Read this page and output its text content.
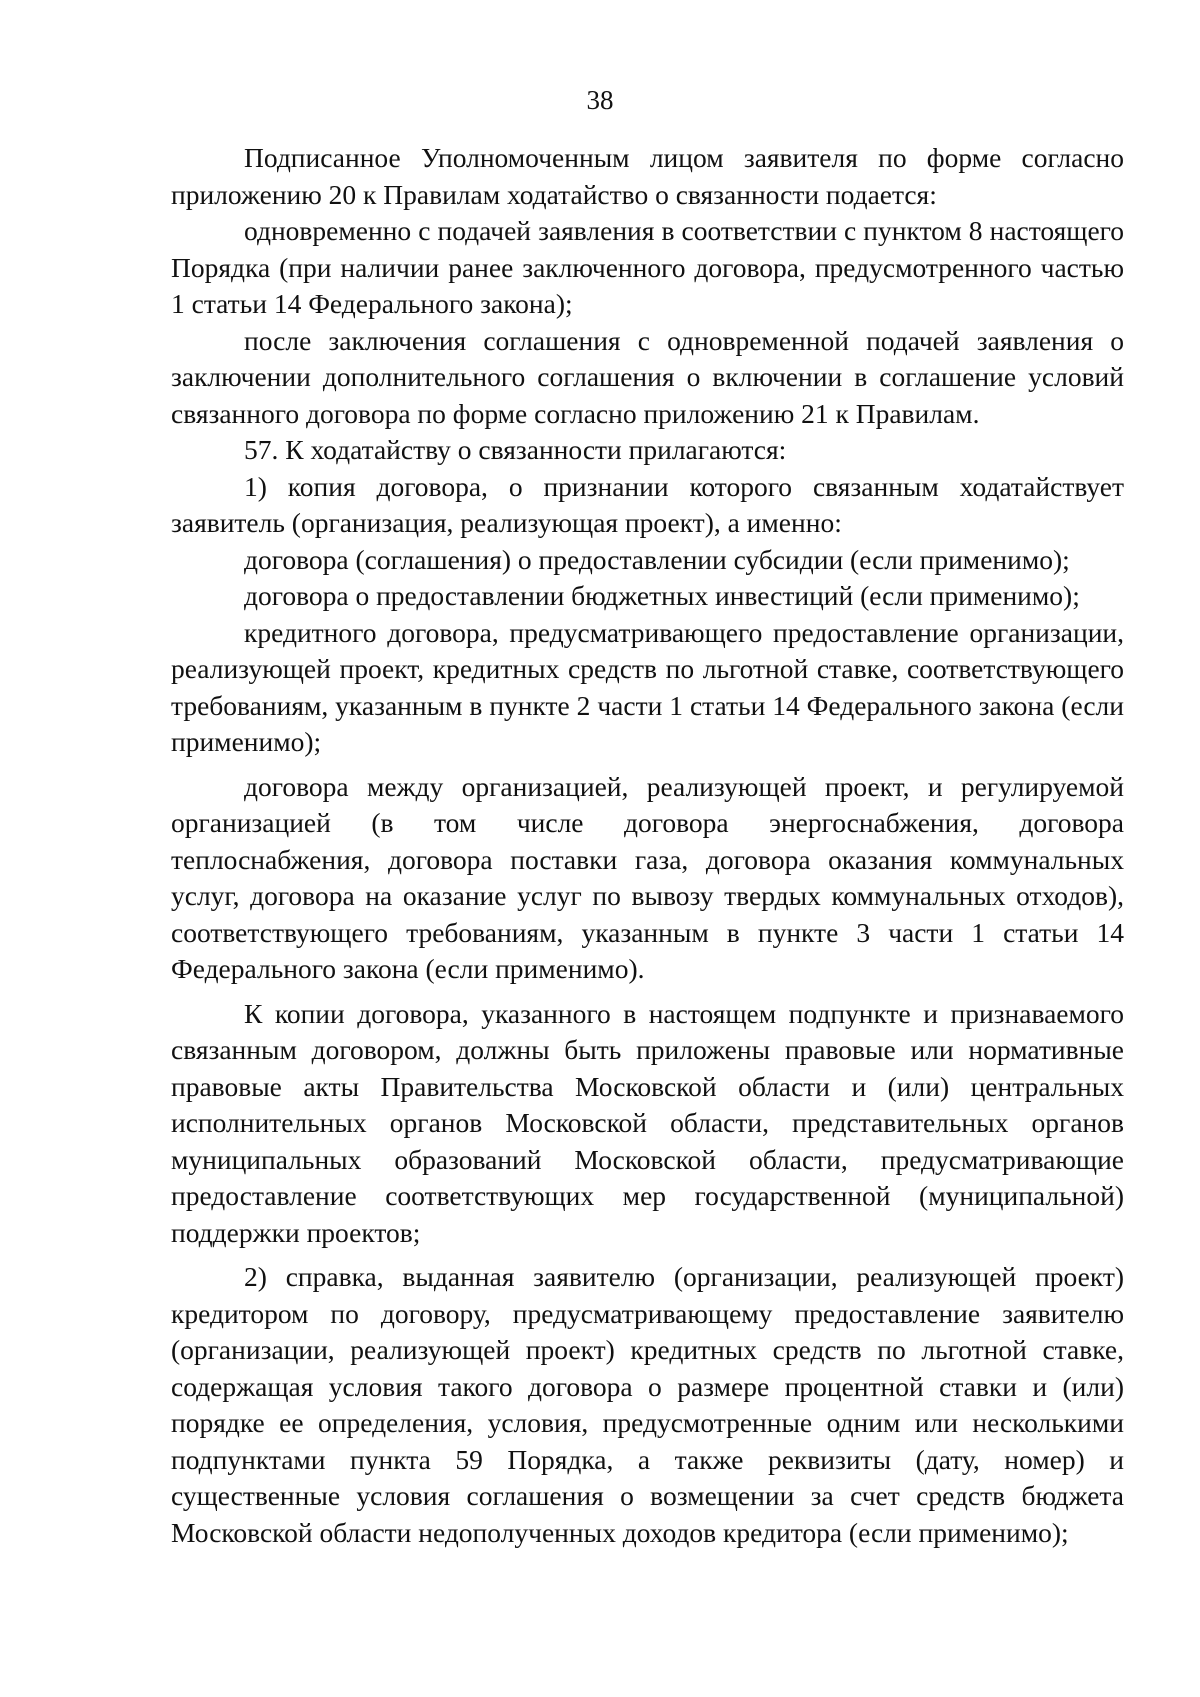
38

Подписанное Уполномоченным лицом заявителя по форме согласно приложению 20 к Правилам ходатайство о связанности подается:

одновременно с подачей заявления в соответствии с пунктом 8 настоящего Порядка (при наличии ранее заключенного договора, предусмотренного частью 1 статьи 14 Федерального закона);

после заключения соглашения с одновременной подачей заявления о заключении дополнительного соглашения о включении в соглашение условий связанного договора по форме согласно приложению 21 к Правилам.

57. К ходатайству о связанности прилагаются:

1) копия договора, о признании которого связанным ходатайствует заявитель (организация, реализующая проект), а именно:

договора (соглашения) о предоставлении субсидии (если применимо);

договора о предоставлении бюджетных инвестиций (если применимо);

кредитного договора, предусматривающего предоставление организации, реализующей проект, кредитных средств по льготной ставке, соответствующего требованиям, указанным в пункте 2 части 1 статьи 14 Федерального закона (если применимо);

договора между организацией, реализующей проект, и регулируемой организацией (в том числе договора энергоснабжения, договора теплоснабжения, договора поставки газа, договора оказания коммунальных услуг, договора на оказание услуг по вывозу твердых коммунальных отходов), соответствующего требованиям, указанным в пункте 3 части 1 статьи 14 Федерального закона (если применимо).

К копии договора, указанного в настоящем подпункте и признаваемого связанным договором, должны быть приложены правовые или нормативные правовые акты Правительства Московской области и (или) центральных исполнительных органов Московской области, представительных органов муниципальных образований Московской области, предусматривающие предоставление соответствующих мер государственной (муниципальной) поддержки проектов;

2) справка, выданная заявителю (организации, реализующей проект) кредитором по договору, предусматривающему предоставление заявителю (организации, реализующей проект) кредитных средств по льготной ставке, содержащая условия такого договора о размере процентной ставки и (или) порядке ее определения, условия, предусмотренные одним или несколькими подпунктами пункта 59 Порядка, а также реквизиты (дату, номер) и существенные условия соглашения о возмещении за счет средств бюджета Московской области недополученных доходов кредитора (если применимо);
